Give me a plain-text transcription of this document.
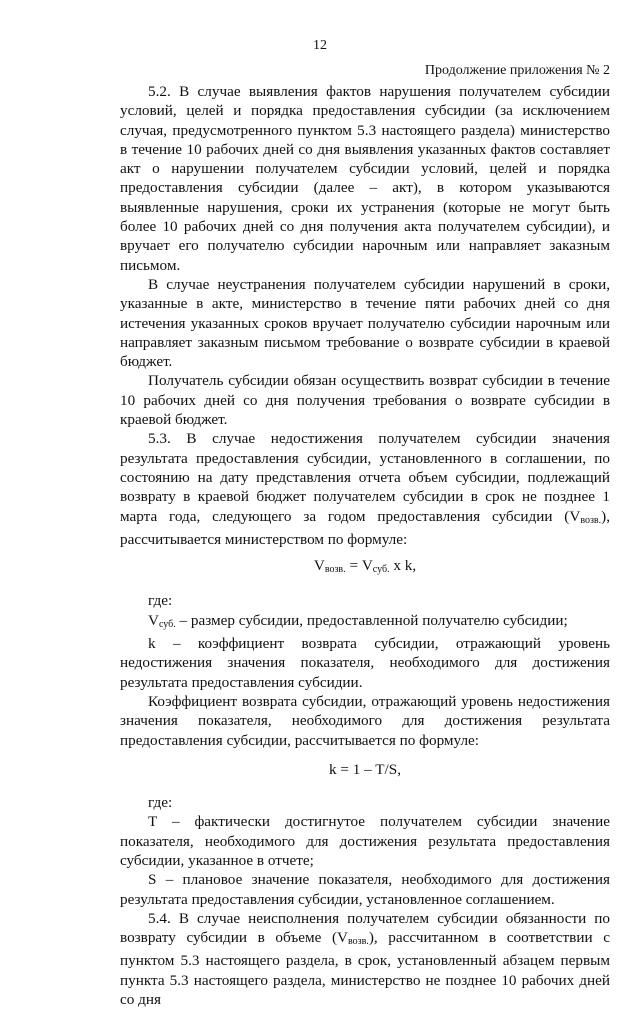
12
Продолжение приложения № 2

5.2. В случае выявления фактов нарушения получателем субсидии условий, целей и порядка предоставления субсидии (за исключением случая, предусмотренного пунктом 5.3 настоящего раздела) министерство в течение 10 рабочих дней со дня выявления указанных фактов составляет акт о нарушении получателем субсидии условий, целей и порядка предоставления субсидии (далее – акт), в котором указываются выявленные нарушения, сроки их устранения (которые не могут быть более 10 рабочих дней со дня получения акта получателем субсидии), и вручает его получателю субсидии нарочным или направляет заказным письмом.

В случае неустранения получателем субсидии нарушений в сроки, указанные в акте, министерство в течение пяти рабочих дней со дня истечения указанных сроков вручает получателю субсидии нарочным или направляет заказным письмом требование о возврате субсидии в краевой бюджет.

Получатель субсидии обязан осуществить возврат субсидии в течение 10 рабочих дней со дня получения требования о возврате субсидии в краевой бюджет.

5.3. В случае недостижения получателем субсидии значения результата предоставления субсидии, установленного в соглашении, по состоянию на дату представления отчета объем субсидии, подлежащий возврату в краевой бюджет получателем субсидии в срок не позднее 1 марта года, следующего за годом предоставления субсидии $(V_{возв.})$, рассчитывается министерством по формуле:

$V_{возв.} = V_{суб.}$ x k,

где:

$V_{суб.}$ – размер субсидии, предоставленной получателю субсидии;

k – коэффициент возврата субсидии, отражающий уровень недостижения значения показателя, необходимого для достижения результата предоставления субсидии.

Коэффициент возврата субсидии, отражающий уровень недостижения значения показателя, необходимого для достижения результата предоставления субсидии, рассчитывается по формуле:

k = 1 – T/S,

где:

T – фактически достигнутое получателем субсидии значение показателя, необходимого для достижения результата предоставления субсидии, указанное в отчете;

S – плановое значение показателя, необходимого для достижения результата предоставления субсидии, установленное соглашением.

5.4. В случае неисполнения получателем субсидии обязанности по возврату субсидии в объеме $(V_{возв.})$, рассчитанном в соответствии с пунктом 5.3 настоящего раздела, в срок, установленный абзацем первым пункта 5.3 настоящего раздела, министерство не позднее 10 рабочих дней со дня
